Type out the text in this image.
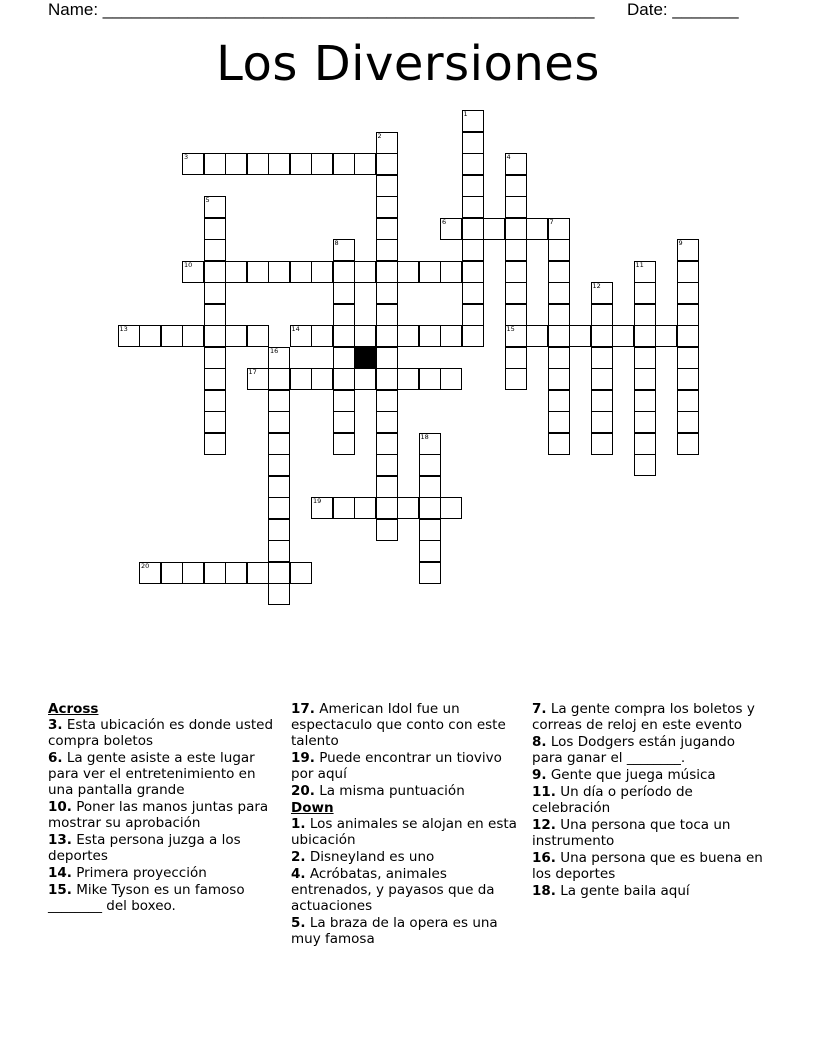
Name: ____________________________________________________ Date: _______
Los Diversiones
1
2
3	4
15
5
6	7
8	9
10	11
12
13	14
16
17
18
19
20
Across
3. Esta ubicación es donde usted compra boletos
6. La gente asiste a este lugar para ver el entretenimiento en una pantalla grande
10. Poner las manos juntas para mostrar su aprobación
13. Esta persona juzga a los deportes
14. Primera proyección
15. Mike Tyson es un famoso ________ del boxeo.
17. American Idol fue un espectaculo que conto con este talento
19. Puede encontrar un tiovivo por aquí
20. La misma puntuación
Down
1. Los animales se alojan en esta ubicación
2. Disneyland es uno
4. Acróbatas, animales entrenados, y payasos que da actuaciones
5. La braza de la opera es una muy famosa
7. La gente compra los boletos y correas de reloj en este evento
8. Los Dodgers están jugando para ganar el ________.
9. Gente que juega música
11. Un día o período de celebración
12. Una persona que toca un instrumento
16. Una persona que es buena en los deportes
18. La gente baila aquí
